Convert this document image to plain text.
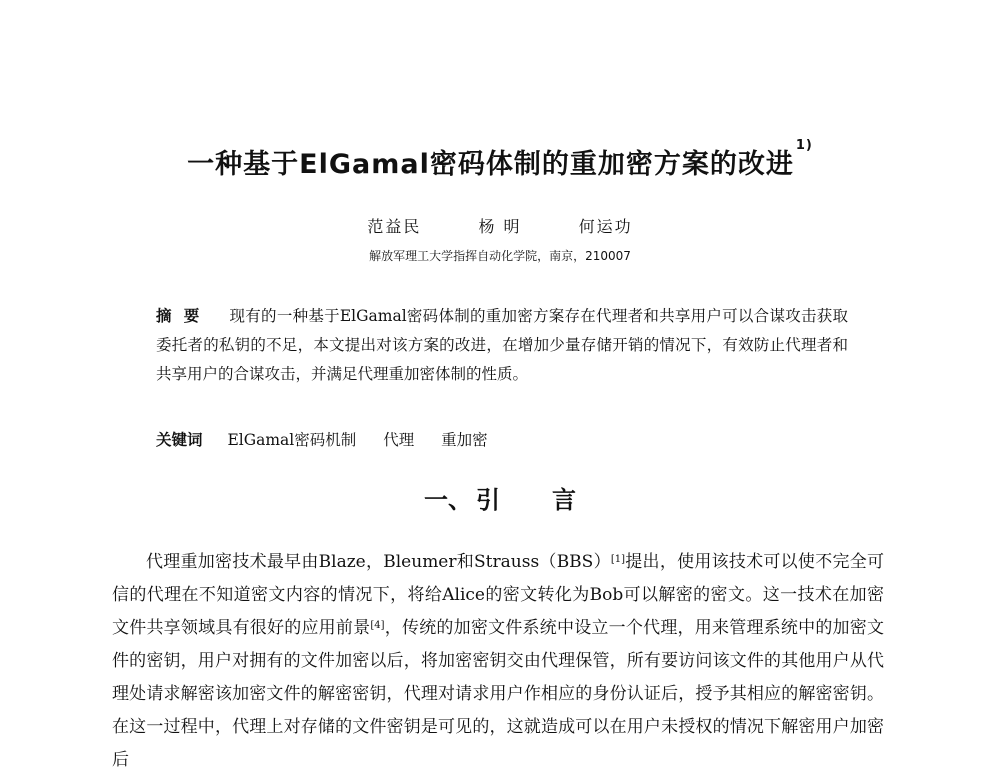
一种基于ElGamal密码体制的重加密方案的改进$^{1)}$
范益民	杨 明	何运功
解放军理工大学指挥自动化学院，南京，210007
摘要 现有的一种基于ElGamal密码体制的重加密方案存在代理者和共享用户可以合谋攻击获取委托者的私钥的不足，本文提出对该方案的改进，在增加少量存储开销的情况下，有效防止代理者和共享用户的合谋攻击，并满足代理重加密体制的性质。
关键词 ElGamal密码机制 代理 重加密
一、 引 言
代理重加密技术最早由Blaze，Bleumer和Strauss（BBS）[1]提出，使用该技术可以使不完全可信的代理在不知道密文内容的情况下，将给Alice的密文转化为Bob可以解密的密文。这一技术在加密文件共享领域具有很好的应用前景[4]，传统的加密文件系统中设立一个代理，用来管理系统中的加密文件的密钥，用户对拥有的文件加密以后，将加密密钥交由代理保管，所有要访问该文件的其他用户从代理处请求解密该加密文件的解密密钥，代理对请求用户作相应的身份认证后，授予其相应的解密密钥。在这一过程中，代理上对存储的文件密钥是可见的，这就造成可以在用户未授权的情况下解密用户加密后
